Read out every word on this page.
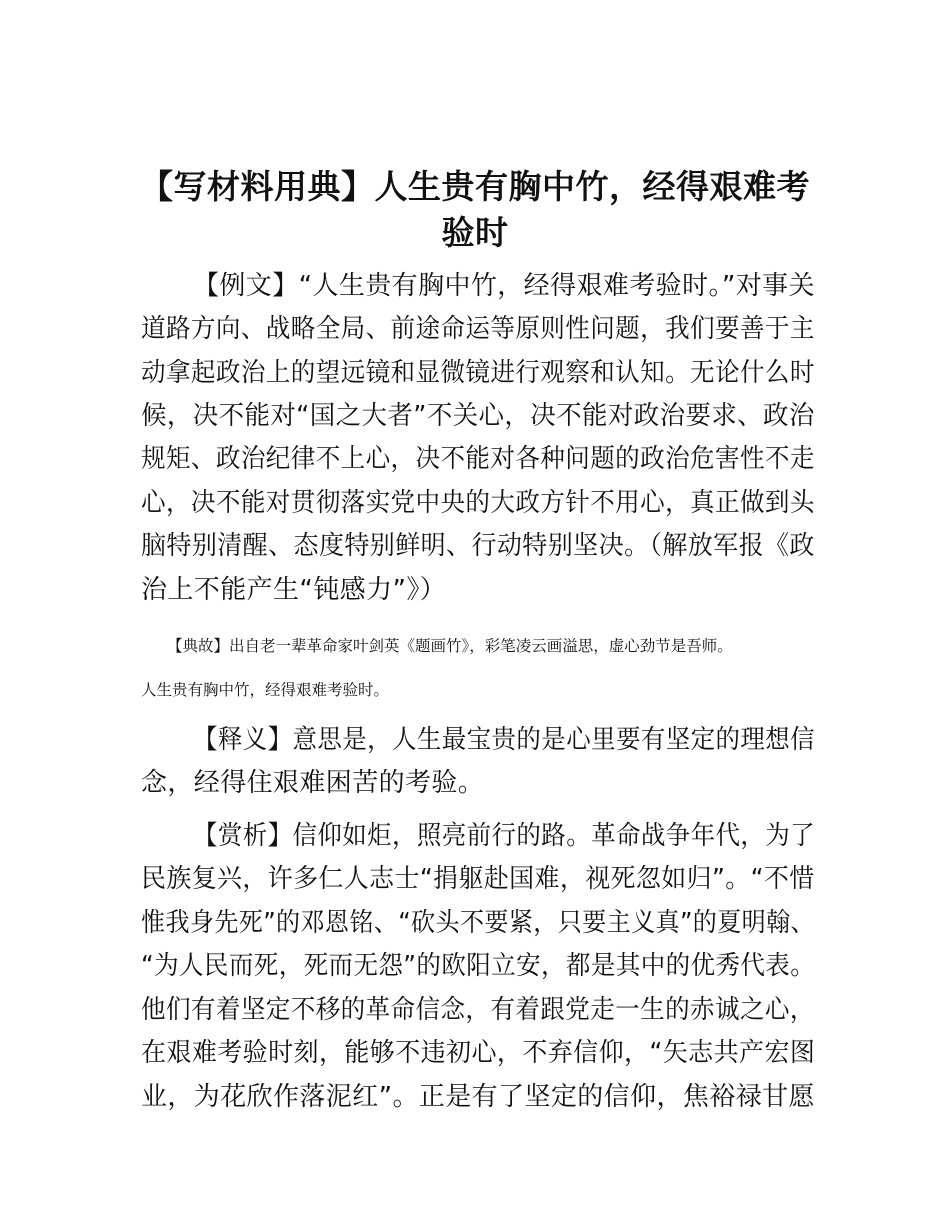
【写材料用典】人生贵有胸中竹，经得艰难考验时

【例文】“人生贵有胸中竹，经得艰难考验时。”对事关

道路方向、战略全局、前途命运等原则性问题，我们要善于主

动拿起政治上的望远镜和显微镜进行观察和认知。无论什么时

候，决不能对“国之大者”不关心，决不能对政治要求、政治

规矩、政治纪律不上心，决不能对各种问题的政治危害性不走

心，决不能对贯彻落实党中央的大政方针不用心，真正做到头

脑特别清醒、态度特别鲜明、行动特别坚决。（解放军报《政

治上不能产生“钝感力”》）

【典故】出自老一辈革命家叶剑英《题画竹》，彩笔凌云画溢思，虚心劲节是吾师。

人生贵有胸中竹，经得艰难考验时。

【释义】意思是，人生最宝贵的是心里要有坚定的理想信

念，经得住艰难困苦的考验。

【赏析】信仰如炬，照亮前行的路。革命战争年代，为了

民族复兴，许多仁人志士“捐躯赴国难，视死忽如归”。“不惜

惟我身先死”的邓恩铭、“砍头不要紧，只要主义真”的夏明翰、

“为人民而死，死而无怨”的欧阳立安，都是其中的优秀代表。

他们有着坚定不移的革命信念，有着跟党走一生的赤诚之心，

在艰难考验时刻，能够不违初心，不弃信仰，“矢志共产宏图

业，为花欣作落泥红”。正是有了坚定的信仰，焦裕禄甘愿
